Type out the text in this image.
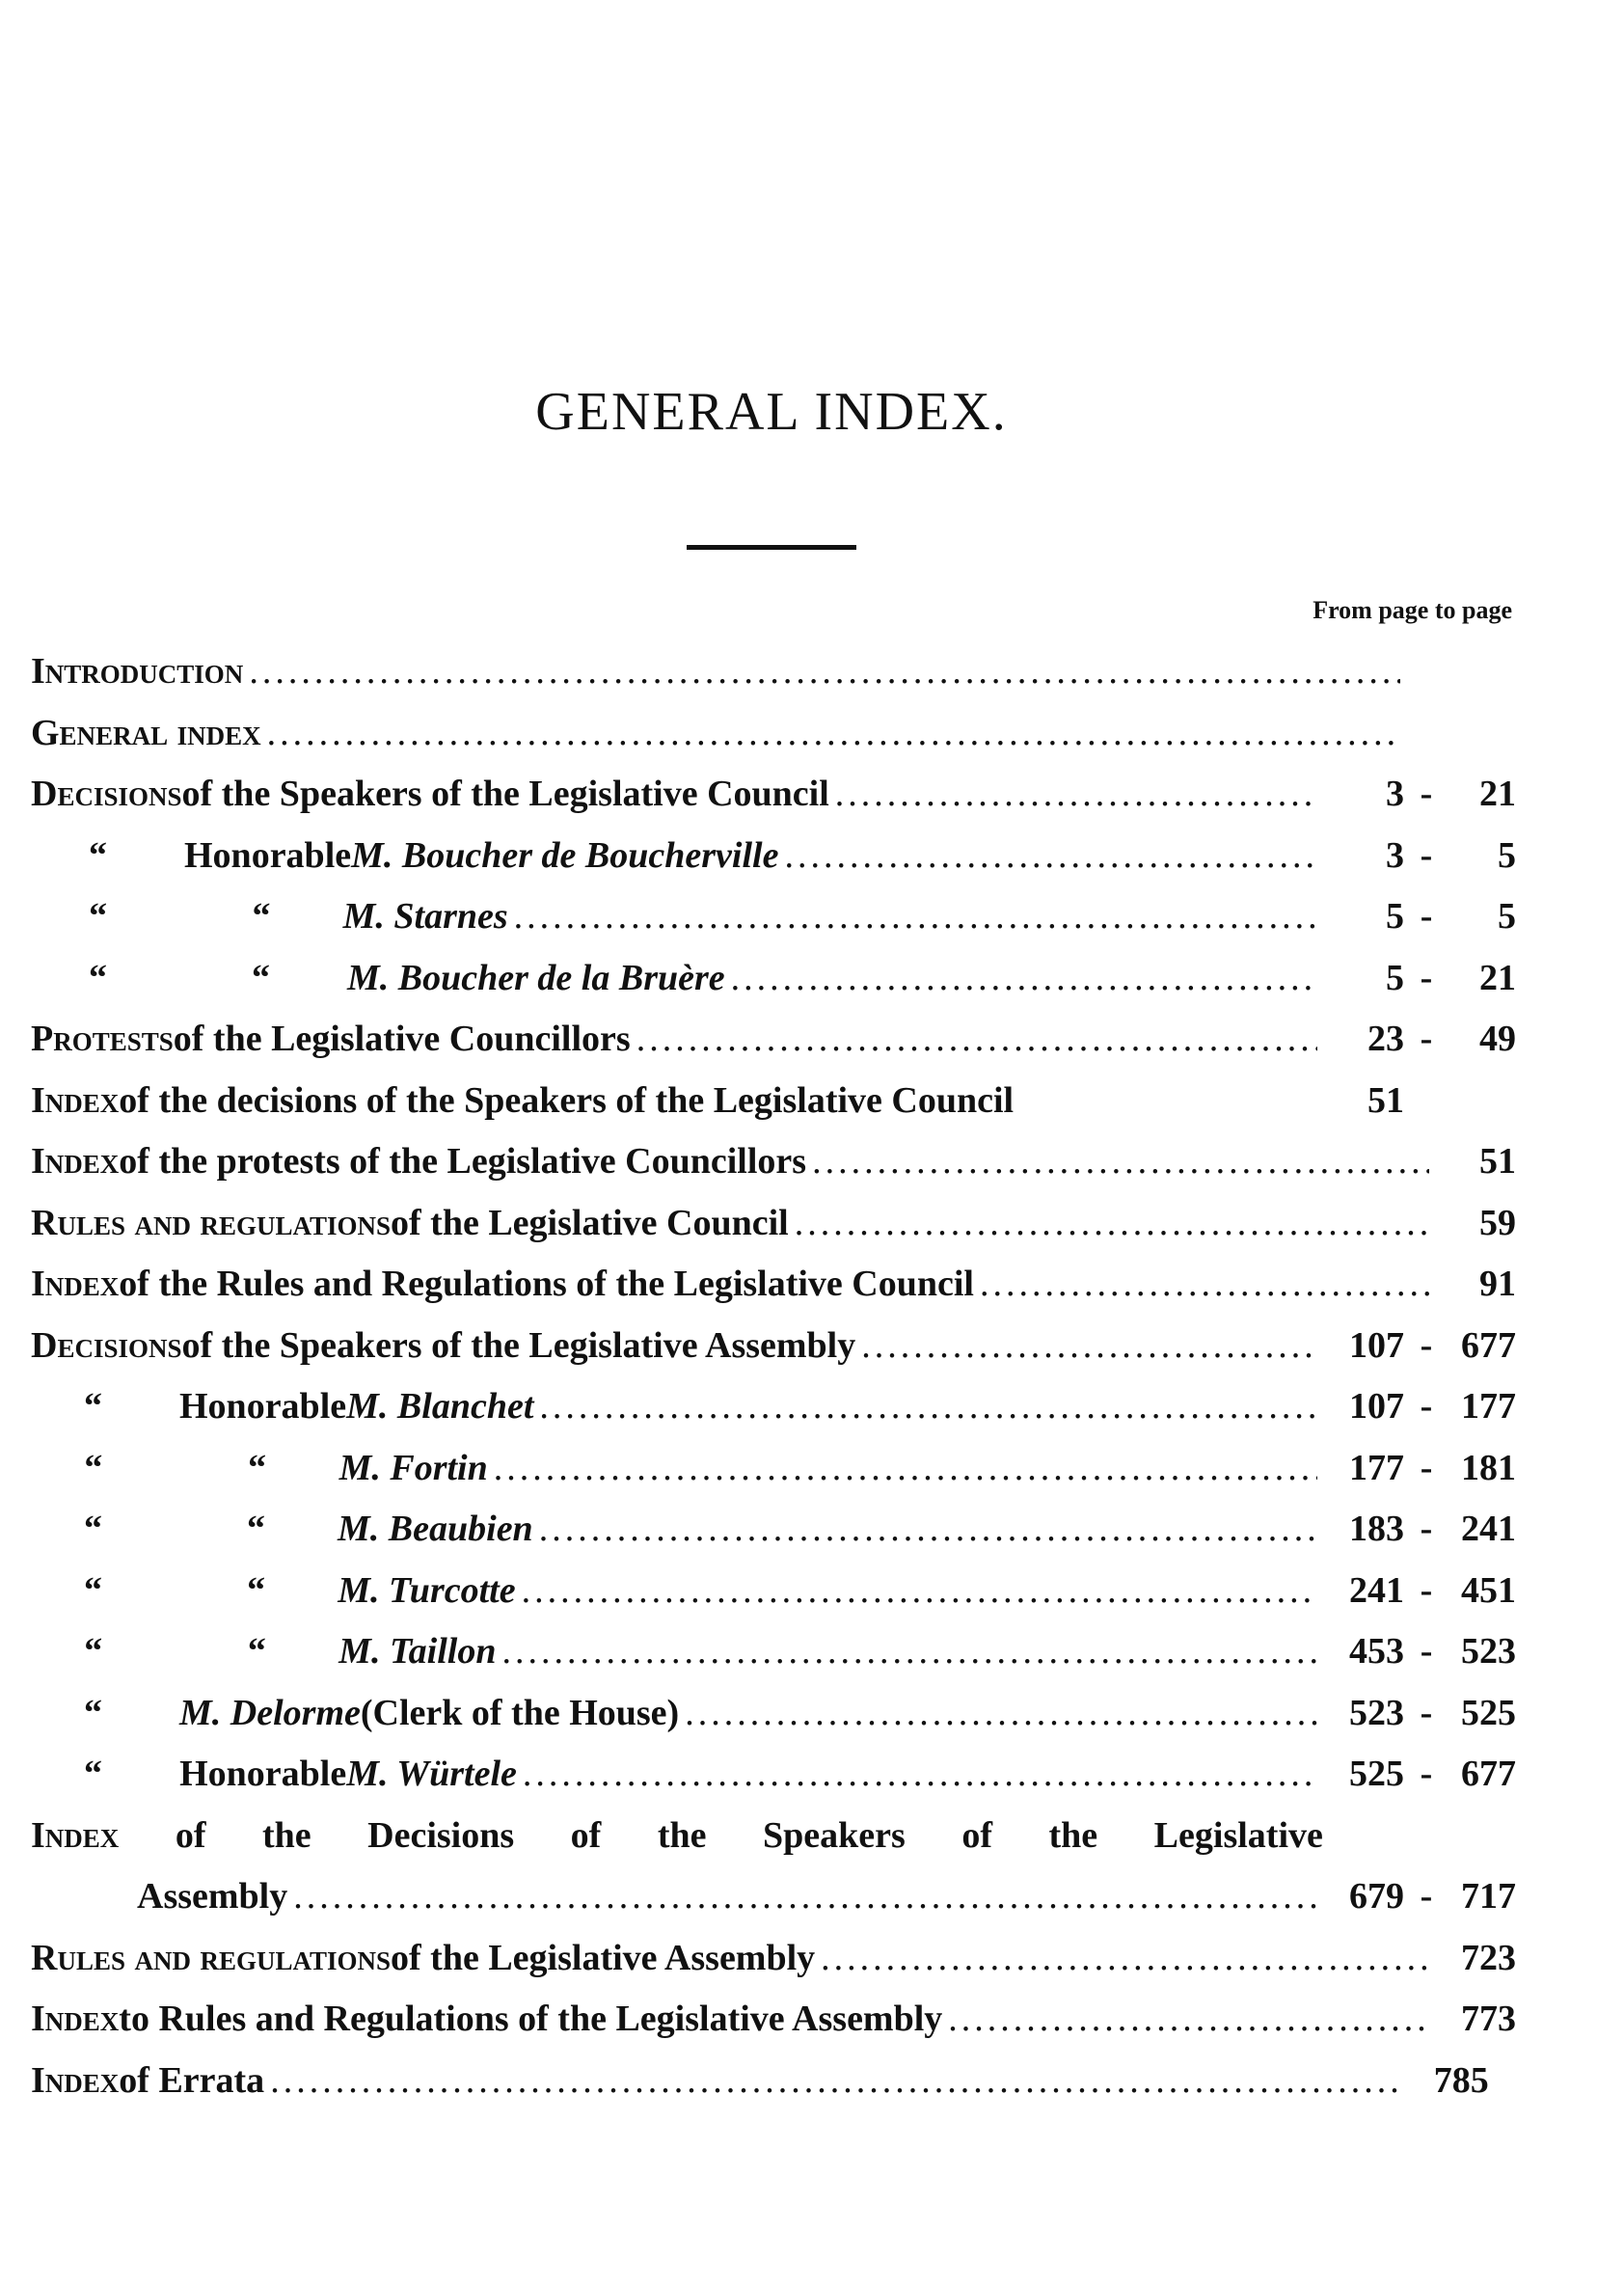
GENERAL INDEX.
From page to page
Introduction
.....
General index
.....
Decisions of the Speakers of the Legislative Council .....	3 -	21
“	Honorable M. Boucher de Boucherville .....	3 -	5
“	“	M. Starnes .....	5 -	5
“	“	M. Boucher de la Bruère .....	5 -	21
Protests of the Legislative Councillors .....	23 -	49
Index of the decisions of the Speakers of the Legislative Council	51
Index of the protests of the Legislative Councillors .....	51
Rules and regulations of the Legislative Council .....	59
Index of the Rules and Regulations of the Legislative Council .....	91
Decisions of the Speakers of the Legislative Assembly .....	107 - 677
“	Honorable M. Blanchet .....	107 - 177
“	“	M. Fortin .....	177 - 181
“	“	M. Beaubien .....	183 - 241
“	“	M. Turcotte .....	241 - 451
“	“	M. Taillon .....	453 - 523
“	M. Delorme (Clerk of the House) .....	523 - 525
“	Honorable M. Würtele .....	525 - 677
Index of the Decisions of the Speakers of the Legislative
Assembly .....	679 - 717
Rules and regulations of the Legislative Assembly .....	723
Index to Rules and Regulations of the Legislative Assembly .....	773
Index of Errata .....	785
